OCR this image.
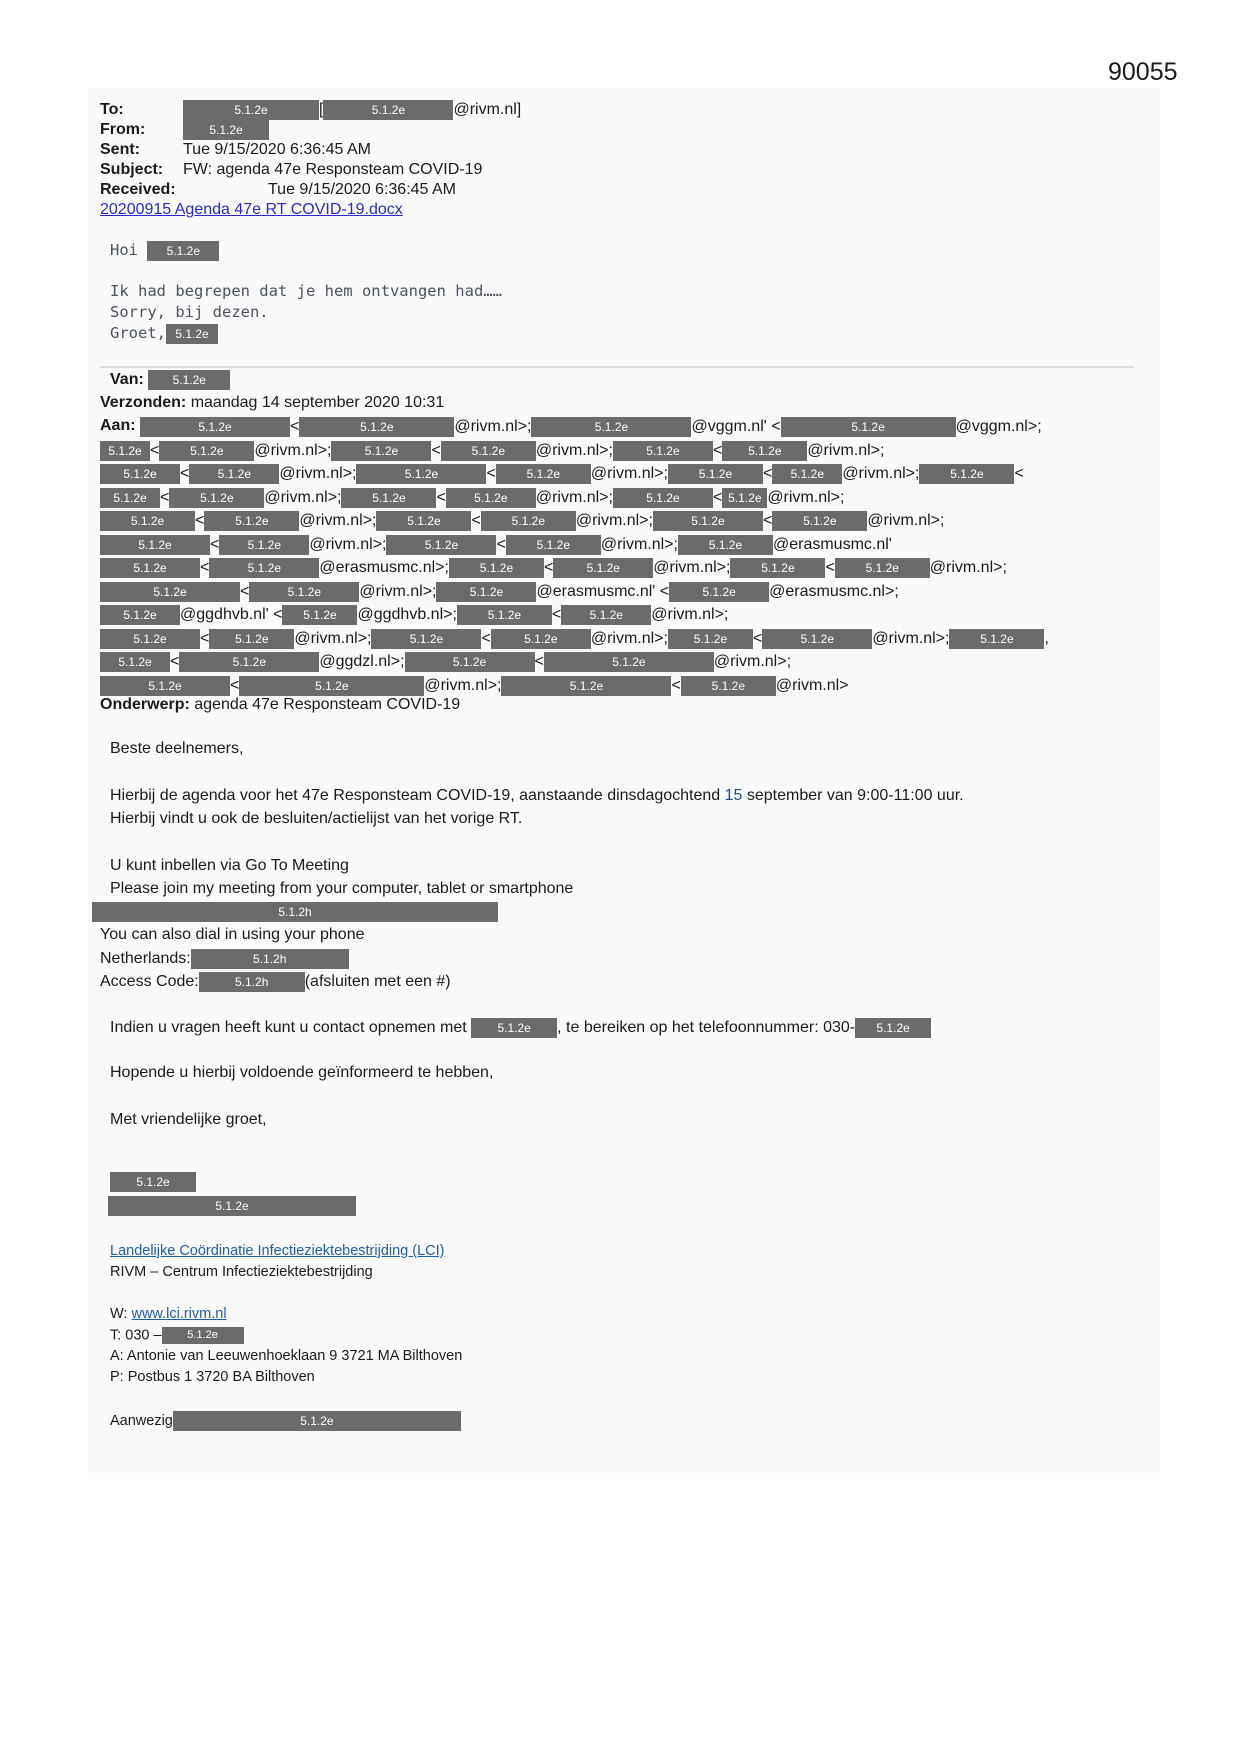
90055
To:	5.1.2e	[	5.1.2e	@rivm.nl]
From:	5.1.2e
Sent:	Tue 9/15/2020 6:36:45 AM
Subject: FW: agenda 47e Responsteam COVID-19
Received:	Tue 9/15/2020 6:36:45 AM
20200915 Agenda 47e RT COVID-19.docx
Hoi 5.1.2e
Ik had begrepen dat je hem ontvangen had……
Sorry, bij dezen.
Groet, 5.1.2e
Van: 5.1.2e
Verzonden: maandag 14 september 2020 10:31
Aan:	5.1.2e	<	5.1.2e	@rivm.nl>;	5.1.2e	@vggm.nl' <	5.1.2e	@vggm.nl>;
5.1.2e <	5.1.2e @rivm.nl>;	5.1.2e <	5.1.2e @rivm.nl>;	5.1.2e < 5.1.2e @rivm.nl>;
5.1.2e < 5.1.2e @rivm.nl>;	5.1.2e	<	5.1.2e @rivm.nl>;	5.1.2e < 5.1.2e @rivm.nl>;	5.1.2e <
5.1.2e <	5.1.2e @rivm.nl>;	5.1.2e < 5.1.2e @rivm.nl>;	5.1.2e < 5.1.2e @rivm.nl>;
5.1.2e <	5.1.2e @rivm.nl>;	5.1.2e <	5.1.2e @rivm.nl>;	5.1.2e <	5.1.2e @rivm.nl>;
5.1.2e < 5.1.2e @rivm.nl>;	5.1.2e <	5.1.2e @rivm.nl>;	5.1.2e @erasmusmc.nl'
5.1.2e <	5.1.2e @erasmusmc.nl>;	5.1.2e <	5.1.2e @rivm.nl>;	5.1.2e <	5.1.2e @rivm.nl>;
5.1.2e	<	5.1.2e @rivm.nl>;	5.1.2e @erasmusmc.nl' <	5.1.2e @erasmusmc.nl>;
5.1.2e @ggdhvb.nl' < 5.1.2e @ggdhvb.nl>;	5.1.2e < 5.1.2e @rivm.nl>;
5.1.2e < 5.1.2e @rivm.nl>;	5.1.2e <	5.1.2e @rivm.nl>; 5.1.2e <	5.1.2e @rivm.nl>;	5.1.2e ,
5.1.2e <	5.1.2e	@ggdzl.nl>;	5.1.2e	<	5.1.2e	@rivm.nl>;
5.1.2e	<	5.1.2e	@rivm.nl>;	5.1.2e	<	5.1.2e @rivm.nl>

Onderwerp: agenda 47e Responsteam COVID-19
Beste deelnemers,
Hierbij de agenda voor het 47e Responsteam COVID-19, aanstaande dinsdagochtend 15 september van 9:00-11:00 uur.
Hierbij vindt u ook de besluiten/actielijst van het vorige RT.
U kunt inbellen via Go To Meeting
Please join my meeting from your computer, tablet or smartphone
5.1.2h
You can also dial in using your phone
Netherlands:	5.1.2h
Access Code:	5.1.2h (afsluiten met een #)
Indien u vragen heeft kunt u contact opnemen met	5.1.2e , te bereiken op het telefoonnummer: 030- 5.1.2e
Hopende u hierbij voldoende geïnformeerd te hebben,
Met vriendelijke groet,
5.1.2e
5.1.2e
Landelijke Coördinatie Infectieziektebestrijding (LCI)
RIVM – Centrum Infectieziektebestrijding
W: www.lci.rivm.nl
T: 030 – 5.1.2e
A: Antonie van Leeuwenhoeklaan 9 3721 MA Bilthoven
P: Postbus 1 3720 BA Bilthoven
Aanwezig	5.1.2e
